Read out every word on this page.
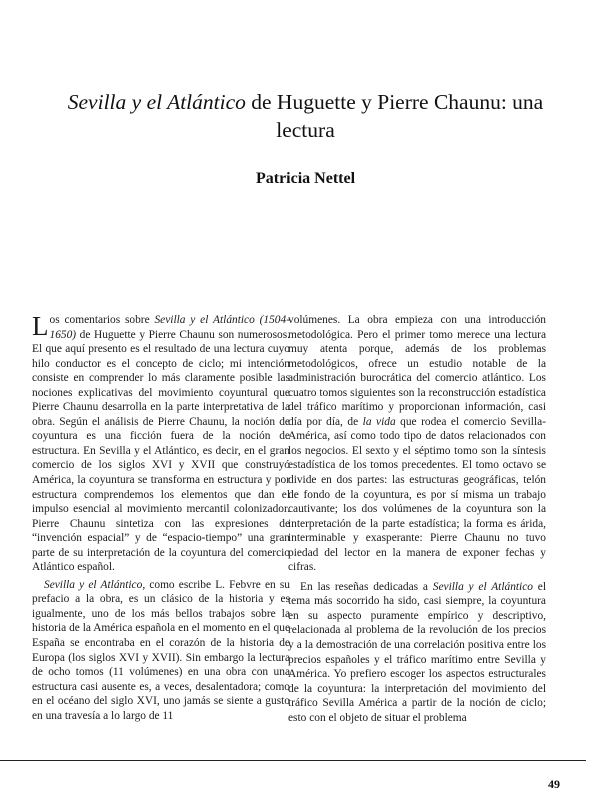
Sevilla y el Atlántico de Huguette y Pierre Chaunu: una lectura
Patricia Nettel

Los comentarios sobre Sevilla y el Atlántico (1504-1650) de Huguette y Pierre Chaunu son numerosos. El que aquí presento es el resultado de una lectura cuyo hilo conductor es el concepto de ciclo; mi intención consiste en comprender lo más claramente posible las nociones explicativas del movimiento coyuntural que Pierre Chaunu desarrolla en la parte interpretativa de la obra. Según el análisis de Pierre Chaunu, la noción de coyuntura es una ficción fuera de la noción de estructura. En Sevilla y el Atlántico, es decir, en el gran comercio de los siglos XVI y XVII que construyó América, la coyuntura se transforma en estructura y por estructura comprendemos los elementos que dan el impulso esencial al movimiento mercantil colonizador. Pierre Chaunu sintetiza con las expresiones de “invención espacial” y de “espacio-tiempo” una gran parte de su interpretación de la coyuntura del comercio Atlántico español.

Sevilla y el Atlántico, como escribe L. Febvre en su prefacio a la obra, es un clásico de la historia y es igualmente, uno de los más bellos trabajos sobre la historia de la América española en el momento en el que España se encontraba en el corazón de la historia de Europa (los siglos XVI y XVII). Sin embargo la lectura de ocho tomos (11 volúmenes) en una obra con una estructura casi ausente es, a veces, desalentadora; como en el océano del siglo XVI, uno jamás se siente a gusto en una travesía a lo largo de 11

volúmenes. La obra empieza con una introducción metodológica. Pero el primer tomo merece una lectura muy atenta porque, además de los problemas metodológicos, ofrece un estudio notable de la administración burocrática del comercio atlántico. Los cuatro tomos siguientes son la reconstrucción estadística del tráfico marítimo y proporcionan información, casi día por día, de la vida que rodea el comercio Sevilla-América, así como todo tipo de datos relacionados con los negocios. El sexto y el séptimo tomo son la síntesis estadística de los tomos precedentes. El tomo octavo se divide en dos partes: las estructuras geográficas, telón de fondo de la coyuntura, es por sí misma un trabajo cautivante; los dos volúmenes de la coyuntura son la interpretación de la parte estadística; la forma es árida, interminable y exasperante: Pierre Chaunu no tuvo piedad del lector en la manera de exponer fechas y cifras.

En las reseñas dedicadas a Sevilla y el Atlántico el tema más socorrido ha sido, casi siempre, la coyuntura en su aspecto puramente empírico y descriptivo, relacionada al problema de la revolución de los precios y a la demostración de una correlación positiva entre los precios españoles y el tráfico marítimo entre Sevilla y América. Yo prefiero escoger los aspectos estructurales de la coyuntura: la interpretación del movimiento del tráfico Sevilla América a partir de la noción de ciclo; esto con el objeto de situar el problema

49
